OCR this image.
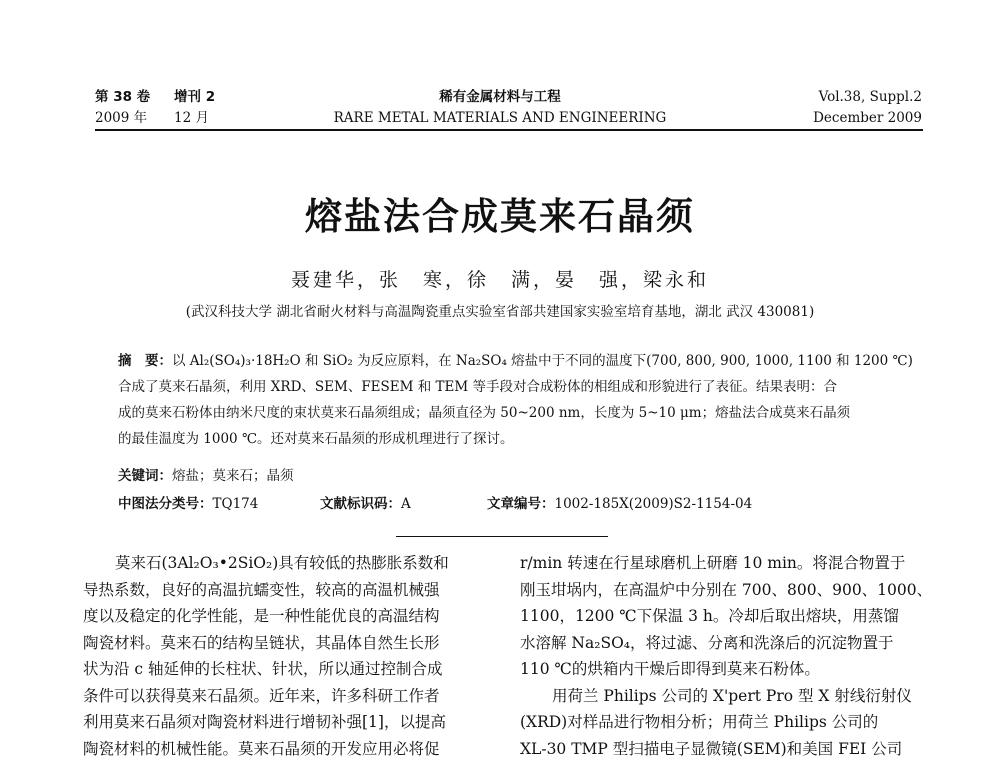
第 38 卷 增刊 2
2009 年 12 月
稀有金属材料与工程
RARE METAL MATERIALS AND ENGINEERING
Vol.38, Suppl.2
December 2009
熔盐法合成莫来石晶须
聂建华，张　寒，徐　满，晏　强，梁永和
(武汉科技大学 湖北省耐火材料与高温陶瓷重点实验室省部共建国家实验室培育基地，湖北 武汉 430081)
摘　要：以 Al₂(SO₄)₃·18H₂O 和 SiO₂ 为反应原料，在 Na₂SO₄ 熔盐中于不同的温度下(700, 800, 900, 1000, 1100 和 1200 ℃)
合成了莫来石晶须，利用 XRD、SEM、FESEM 和 TEM 等手段对合成粉体的相组成和形貌进行了表征。结果表明：合
成的莫来石粉体由纳米尺度的束状莫来石晶须组成；晶须直径为 50~200 nm，长度为 5~10 μm；熔盐法合成莫来石晶须
的最佳温度为 1000 ℃。还对莫来石晶须的形成机理进行了探讨。
关键词：熔盐；莫来石；晶须
中图法分类号：TQ174	文献标识码：A	文章编号：1002-185X(2009)S2-1154-04
莫来石(3Al₂O₃•2SiO₂)具有较低的热膨胀系数和
导热系数，良好的高温抗蠕变性，较高的高温机械强
度以及稳定的化学性能，是一种性能优良的高温结构
陶瓷材料。莫来石的结构呈链状，其晶体自然生长形
状为沿 c 轴延伸的长柱状、针状，所以通过控制合成
条件可以获得莫来石晶须。近年来，许多科研工作者
利用莫来石晶须对陶瓷材料进行增韧补强[1]，以提高
陶瓷材料的机械性能。莫来石晶须的开发应用必将促
r/min 转速在行星球磨机上研磨 10 min。将混合物置于
刚玉坩埚内，在高温炉中分别在 700、800、900、1000、
1100，1200 ℃下保温 3 h。冷却后取出熔块，用蒸馏
水溶解 Na₂SO₄，将过滤、分离和洗涤后的沉淀物置于
110 ℃的烘箱内干燥后即得到莫来石粉体。
用荷兰 Philips 公司的 X'pert Pro 型 X 射线衍射仪
(XRD)对样品进行物相分析；用荷兰 Philips 公司的
XL-30 TMP 型扫描电子显微镜(SEM)和美国 FEI 公司
